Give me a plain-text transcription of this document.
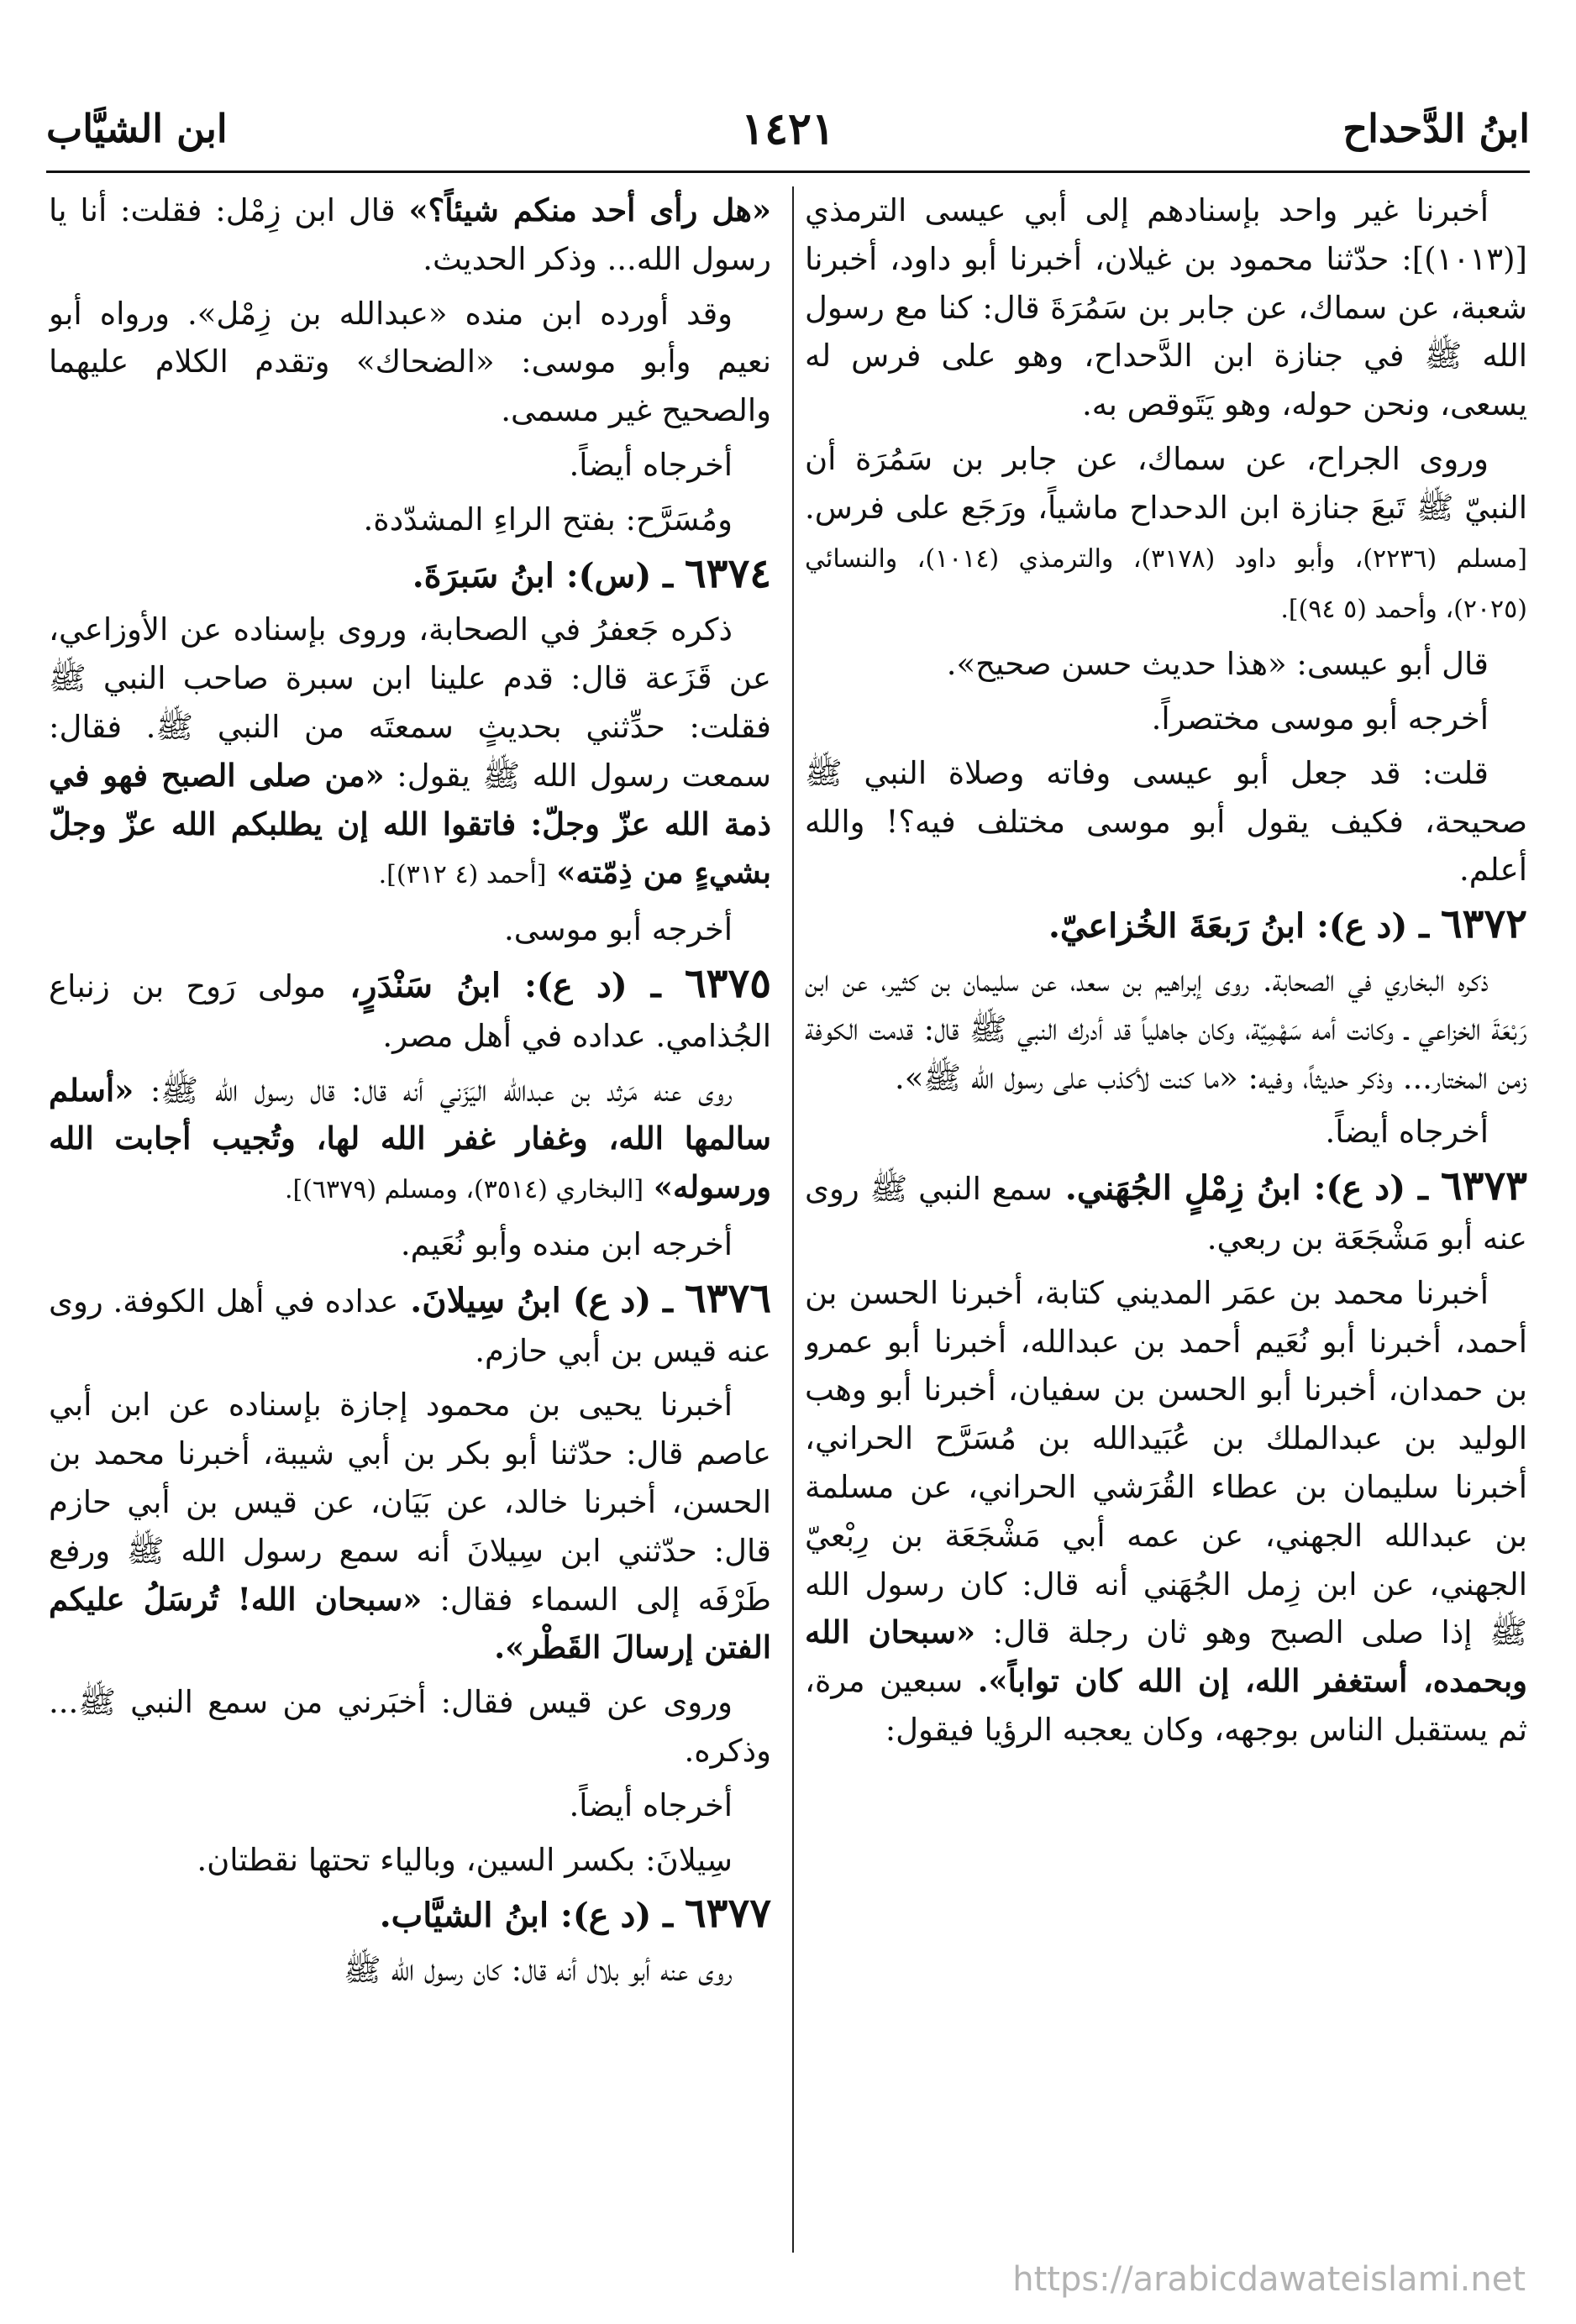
ابنُ الدَّحداح
١٤٢١
ابن الشيَّاب

أخبرنا غير واحد بإسنادهم إلى أبي عيسى الترمذي [(١٠١٣)]: حدّثنا محمود بن غيلان، أخبرنا أبو داود، أخبرنا شعبة، عن سماك، عن جابر بن سَمُرَةَ قال: كنا مع رسول الله ﷺ في جنازة ابن الدَّحداح، وهو على فرس له يسعى، ونحن حوله، وهو يَتَوقص به.

وروى الجراح، عن سماك، عن جابر بن سَمُرَة أن النبيّ ﷺ تَبعَ جنازة ابن الدحداح ماشياً، ورَجَع على فرس. [مسلم (٢٢٣٦)، وأبو داود (٣١٧٨)، والترمذي (١٠١٤)، والنسائي (٢٠٢٥)، وأحمد (٥ ٩٤)].

قال أبو عيسى: «هذا حديث حسن صحيح».

أخرجه أبو موسى مختصراً.

قلت: قد جعل أبو عيسى وفاته وصلاة النبي ﷺ صحيحة، فكيف يقول أبو موسى مختلف فيه؟! والله أعلم.

٦٣٧٢ ـ (د ع): ابنُ رَبعَةَ الخُزاعيّ.

ذكره البخاري في الصحابة. روى إبراهيم بن سعد، عن سليمان بن كثير، عن ابن رَبْعَةَ الخزاعي ـ وكانت أمه سَهْمِيّة، وكان جاهلياً قد أدرك النبي ﷺ قال: قدمت الكوفة زمن المختار... وذكر حديثاً، وفيه: «ما كنت لأكذب على رسول الله ﷺ».

أخرجاه أيضاً.

٦٣٧٣ ـ (د ع): ابنُ زِمْلٍ الجُهَني. سمع النبي ﷺ روى عنه أبو مَشْجَعَة بن ربعي.

أخبرنا محمد بن عمَر المديني كتابة، أخبرنا الحسن بن أحمد، أخبرنا أبو نُعَيم أحمد بن عبدالله، أخبرنا أبو عمرو بن حمدان، أخبرنا أبو الحسن بن سفيان، أخبرنا أبو وهب الوليد بن عبدالملك بن عُبَيدالله بن مُسَرَّح الحراني، أخبرنا سليمان بن عطاء القُرَشي الحراني، عن مسلمة بن عبدالله الجهني، عن عمه أبي مَشْجَعَة بن رِبْعيّ الجهني، عن ابن زِمل الجُهَني أنه قال: كان رسول الله ﷺ إذا صلى الصبح وهو ثان رجلة قال: «سبحان الله وبحمده، أستغفر الله، إن الله كان تواباً». سبعين مرة، ثم يستقبل الناس بوجهه، وكان يعجبه الرؤيا فيقول:

«هل رأى أحد منكم شيئاً؟» قال ابن زِمْل: فقلت: أنا يا رسول الله... وذكر الحديث.

وقد أورده ابن منده «عبدالله بن زِمْل». ورواه أبو نعيم وأبو موسى: «الضحاك» وتقدم الكلام عليهما والصحيح غير مسمى.

أخرجاه أيضاً.

ومُسَرَّح: بفتح الراءِ المشدّدة.

٦٣٧٤ ـ (س): ابنُ سَبرَةَ.

ذكره جَعفرُ في الصحابة، وروى بإسناده عن الأوزاعي، عن قَزَعة قال: قدم علينا ابن سبرة صاحب النبي ﷺ فقلت: حدِّثني بحديثٍ سمعتَه من النبي ﷺ. فقال: سمعت رسول الله ﷺ يقول: «من صلى الصبح فهو في ذمة الله عزّ وجلّ: فاتقوا الله إن يطلبكم الله عزّ وجلّ بشيءٍ من ذِمّته» [أحمد (٤ ٣١٢)].

أخرجه أبو موسى.

٦٣٧٥ ـ (د ع): ابنُ سَنْدَرٍ، مولى رَوح بن زنباع الجُذامي. عداده في أهل مصر.

روى عنه مَرثد بن عبدالله اليَزَني أنه قال: قال رسول الله ﷺ: «أسلم سالمها الله، وغفار غفر الله لها، وتُجيب أجابت الله ورسوله» [البخاري (٣٥١٤)، ومسلم (٦٣٧٩)].

أخرجه ابن منده وأبو نُعَيم.

٦٣٧٦ ـ (د ع) ابنُ سِيلانَ. عداده في أهل الكوفة. روى عنه قيس بن أبي حازم.

أخبرنا يحيى بن محمود إجازة بإسناده عن ابن أبي عاصم قال: حدّثنا أبو بكر بن أبي شيبة، أخبرنا محمد بن الحسن، أخبرنا خالد، عن بَيَان، عن قيس بن أبي حازم قال: حدّثني ابن سِيلانَ أنه سمع رسول الله ﷺ ورفع طَرْفَه إلى السماء فقال: «سبحان الله! تُرسَلُ عليكم الفتن إرسالَ القَطْر».

وروى عن قيس فقال: أخبَرني من سمع النبي ﷺ... وذكره.

أخرجاه أيضاً.

سِيلانَ: بكسر السين، وبالياء تحتها نقطتان.

٦٣٧٧ ـ (د ع): ابنُ الشيَّاب.

روى عنه أبو بلال أنه قال: كان رسول الله ﷺ

https://arabicdawateislami.net
